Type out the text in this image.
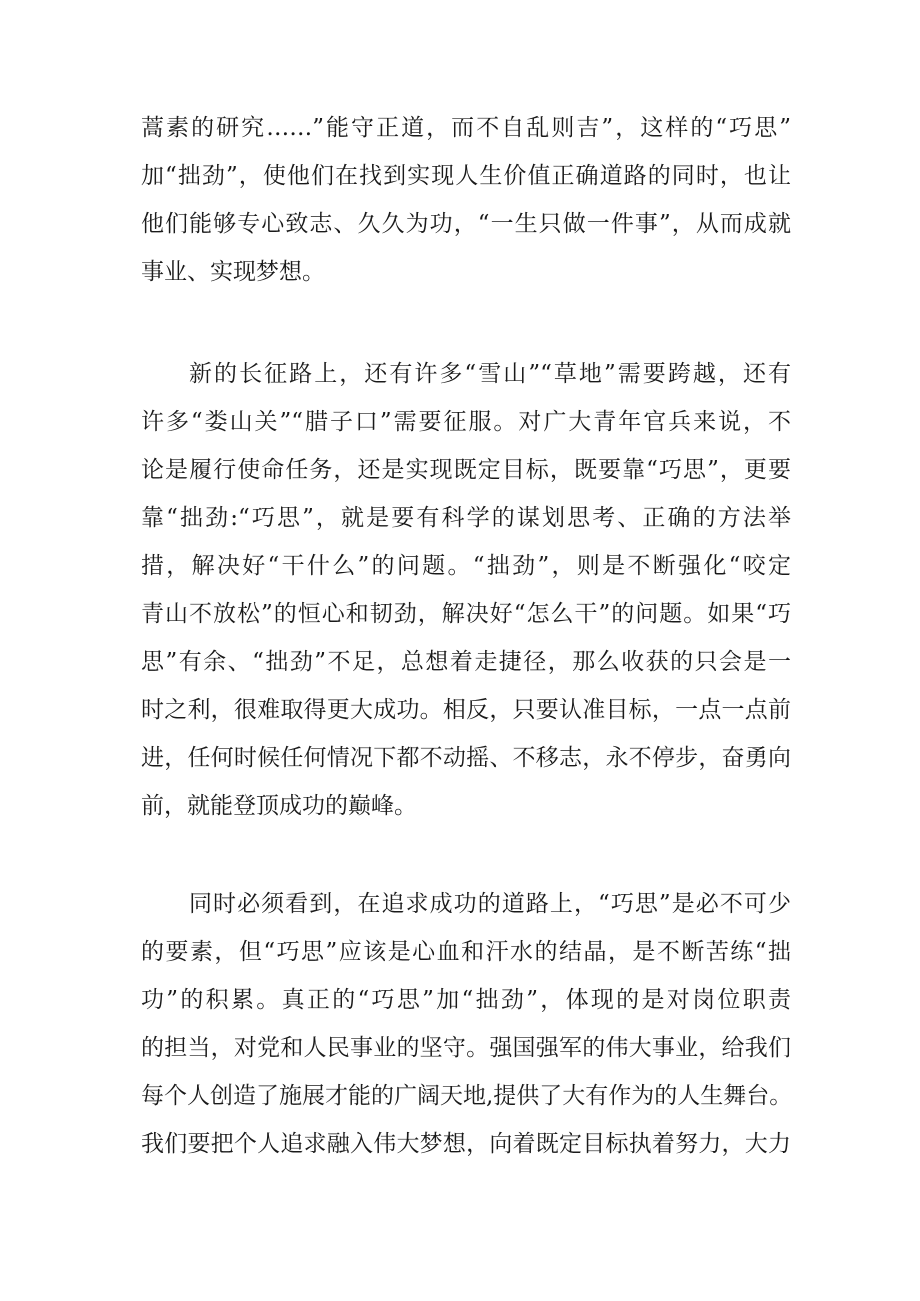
蒿素的研究……”能守正道，而不自乱则吉”，这样的“巧思”
加“拙劲”，使他们在找到实现人生价值正确道路的同时，也让
他们能够专心致志、久久为功，“一生只做一件事”，从而成就
事业、实现梦想。
新的长征路上，还有许多“雪山”“草地”需要跨越，还有
许多“娄山关”“腊子口”需要征服。对广大青年官兵来说，不
论是履行使命任务，还是实现既定目标，既要靠“巧思”，更要
靠“拙劲:“巧思”，就是要有科学的谋划思考、正确的方法举
措，解决好“干什么”的问题。“拙劲”，则是不断强化“咬定
青山不放松”的恒心和韧劲，解决好“怎么干”的问题。如果“巧
思”有余、“拙劲”不足，总想着走捷径，那么收获的只会是一
时之利，很难取得更大成功。相反，只要认准目标，一点一点前
进，任何时候任何情况下都不动摇、不移志，永不停步，奋勇向
前，就能登顶成功的巅峰。
同时必须看到，在追求成功的道路上，“巧思”是必不可少
的要素，但“巧思”应该是心血和汗水的结晶，是不断苦练“拙
功”的积累。真正的“巧思”加“拙劲”，体现的是对岗位职责
的担当，对党和人民事业的坚守。强国强军的伟大事业，给我们
每个人创造了施展才能的广阔天地,提供了大有作为的人生舞台。
我们要把个人追求融入伟大梦想，向着既定目标执着努力，大力
